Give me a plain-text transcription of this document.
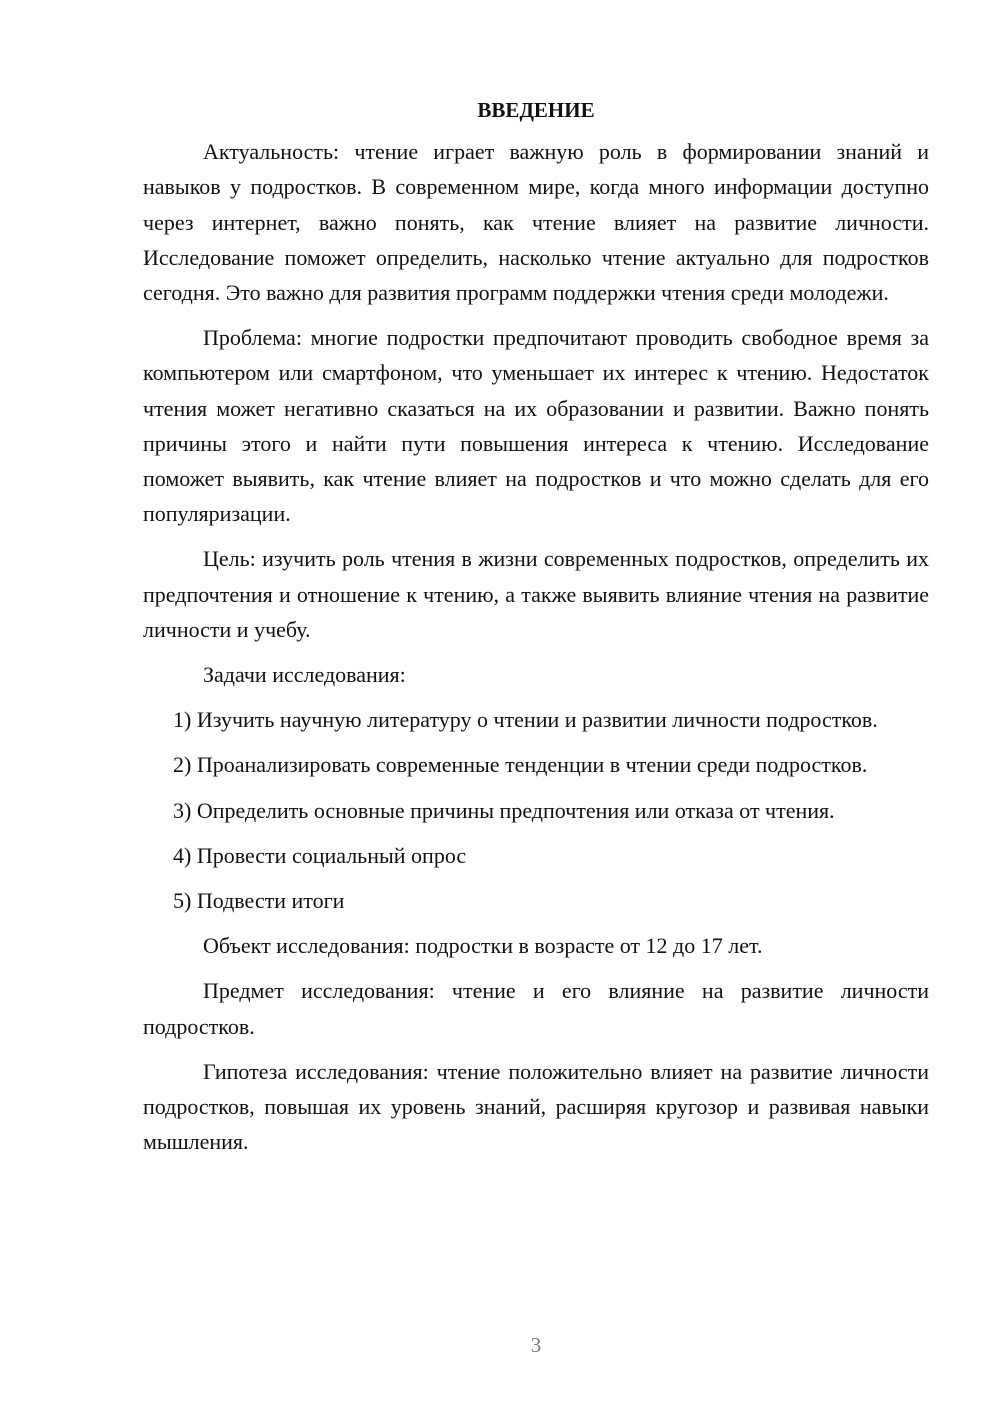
ВВЕДЕНИЕ

Актуальность: чтение играет важную роль в формировании знаний и навыков у подростков. В современном мире, когда много информации доступно через интернет, важно понять, как чтение влияет на развитие личности. Исследование поможет определить, насколько чтение актуально для подростков сегодня. Это важно для развития программ поддержки чтения среди молодежи.

Проблема: многие подростки предпочитают проводить свободное время за компьютером или смартфоном, что уменьшает их интерес к чтению. Недостаток чтения может негативно сказаться на их образовании и развитии. Важно понять причины этого и найти пути повышения интереса к чтению. Исследование поможет выявить, как чтение влияет на подростков и что можно сделать для его популяризации.

Цель: изучить роль чтения в жизни современных подростков, определить их предпочтения и отношение к чтению, а также выявить влияние чтения на развитие личности и учебу.

Задачи исследования:

1) Изучить научную литературу о чтении и развитии личности подростков.

2) Проанализировать современные тенденции в чтении среди подростков.

3) Определить основные причины предпочтения или отказа от чтения.

4) Провести социальный опрос

5) Подвести итоги

Объект исследования: подростки в возрасте от 12 до 17 лет.

Предмет исследования: чтение и его влияние на развитие личности подростков.

Гипотеза исследования: чтение положительно влияет на развитие личности подростков, повышая их уровень знаний, расширяя кругозор и развивая навыки мышления.

3
